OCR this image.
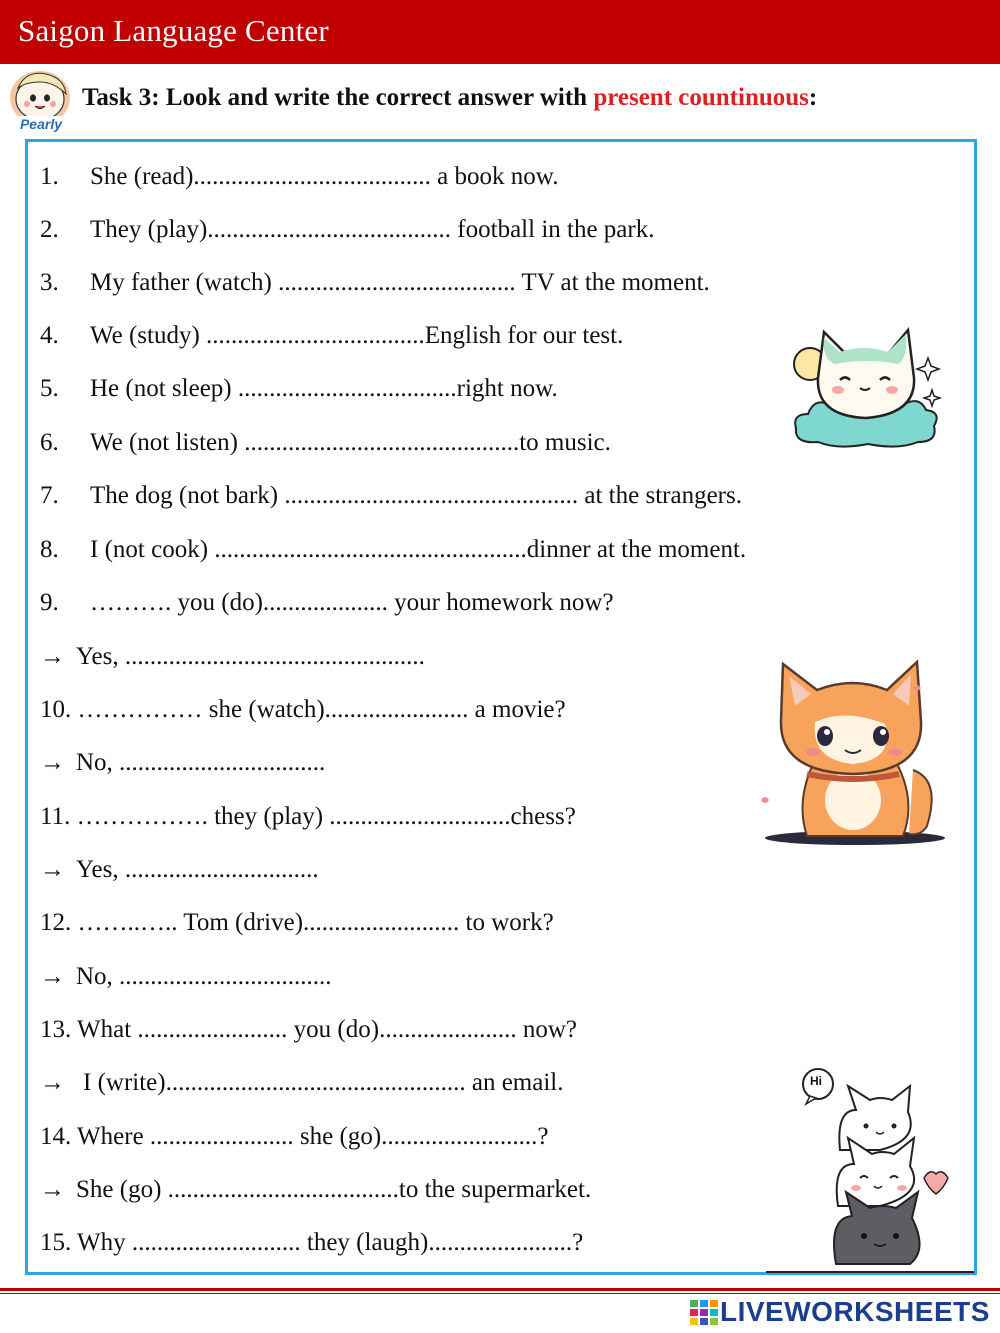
Saigon Language Center
Pearly
Task 3: Look and write the correct answer with present countinuous:
1. She (read)...................................... a book now.
2. They (play)....................................... football in the park.
3. My father (watch) ...................................... TV at the moment.
4. We (study) ...................................English for our test.
5. He (not sleep) ...................................right now.
6. We (not listen) ............................................to music.
7. The dog (not bark) ............................................... at the strangers.
8. I (not cook) ..................................................dinner at the moment.
9. ………. you (do).................... your homework now?
→ Yes, ................................................
10. …………… she (watch)....................... a movie?
→ No, .................................
11. ……………. they (play) .............................chess?
→ Yes, ...............................
12. ……..….. Tom (drive)......................... to work?
→ No, ..................................
13. What ........................ you (do)...................... now?
→ I (write)................................................ an email.
14. Where ....................... she (go).........................?
→ She (go) .....................................to the supermarket.
15. Why ........................... they (laugh).......................?
Hi
LIVEWORKSHEETS
